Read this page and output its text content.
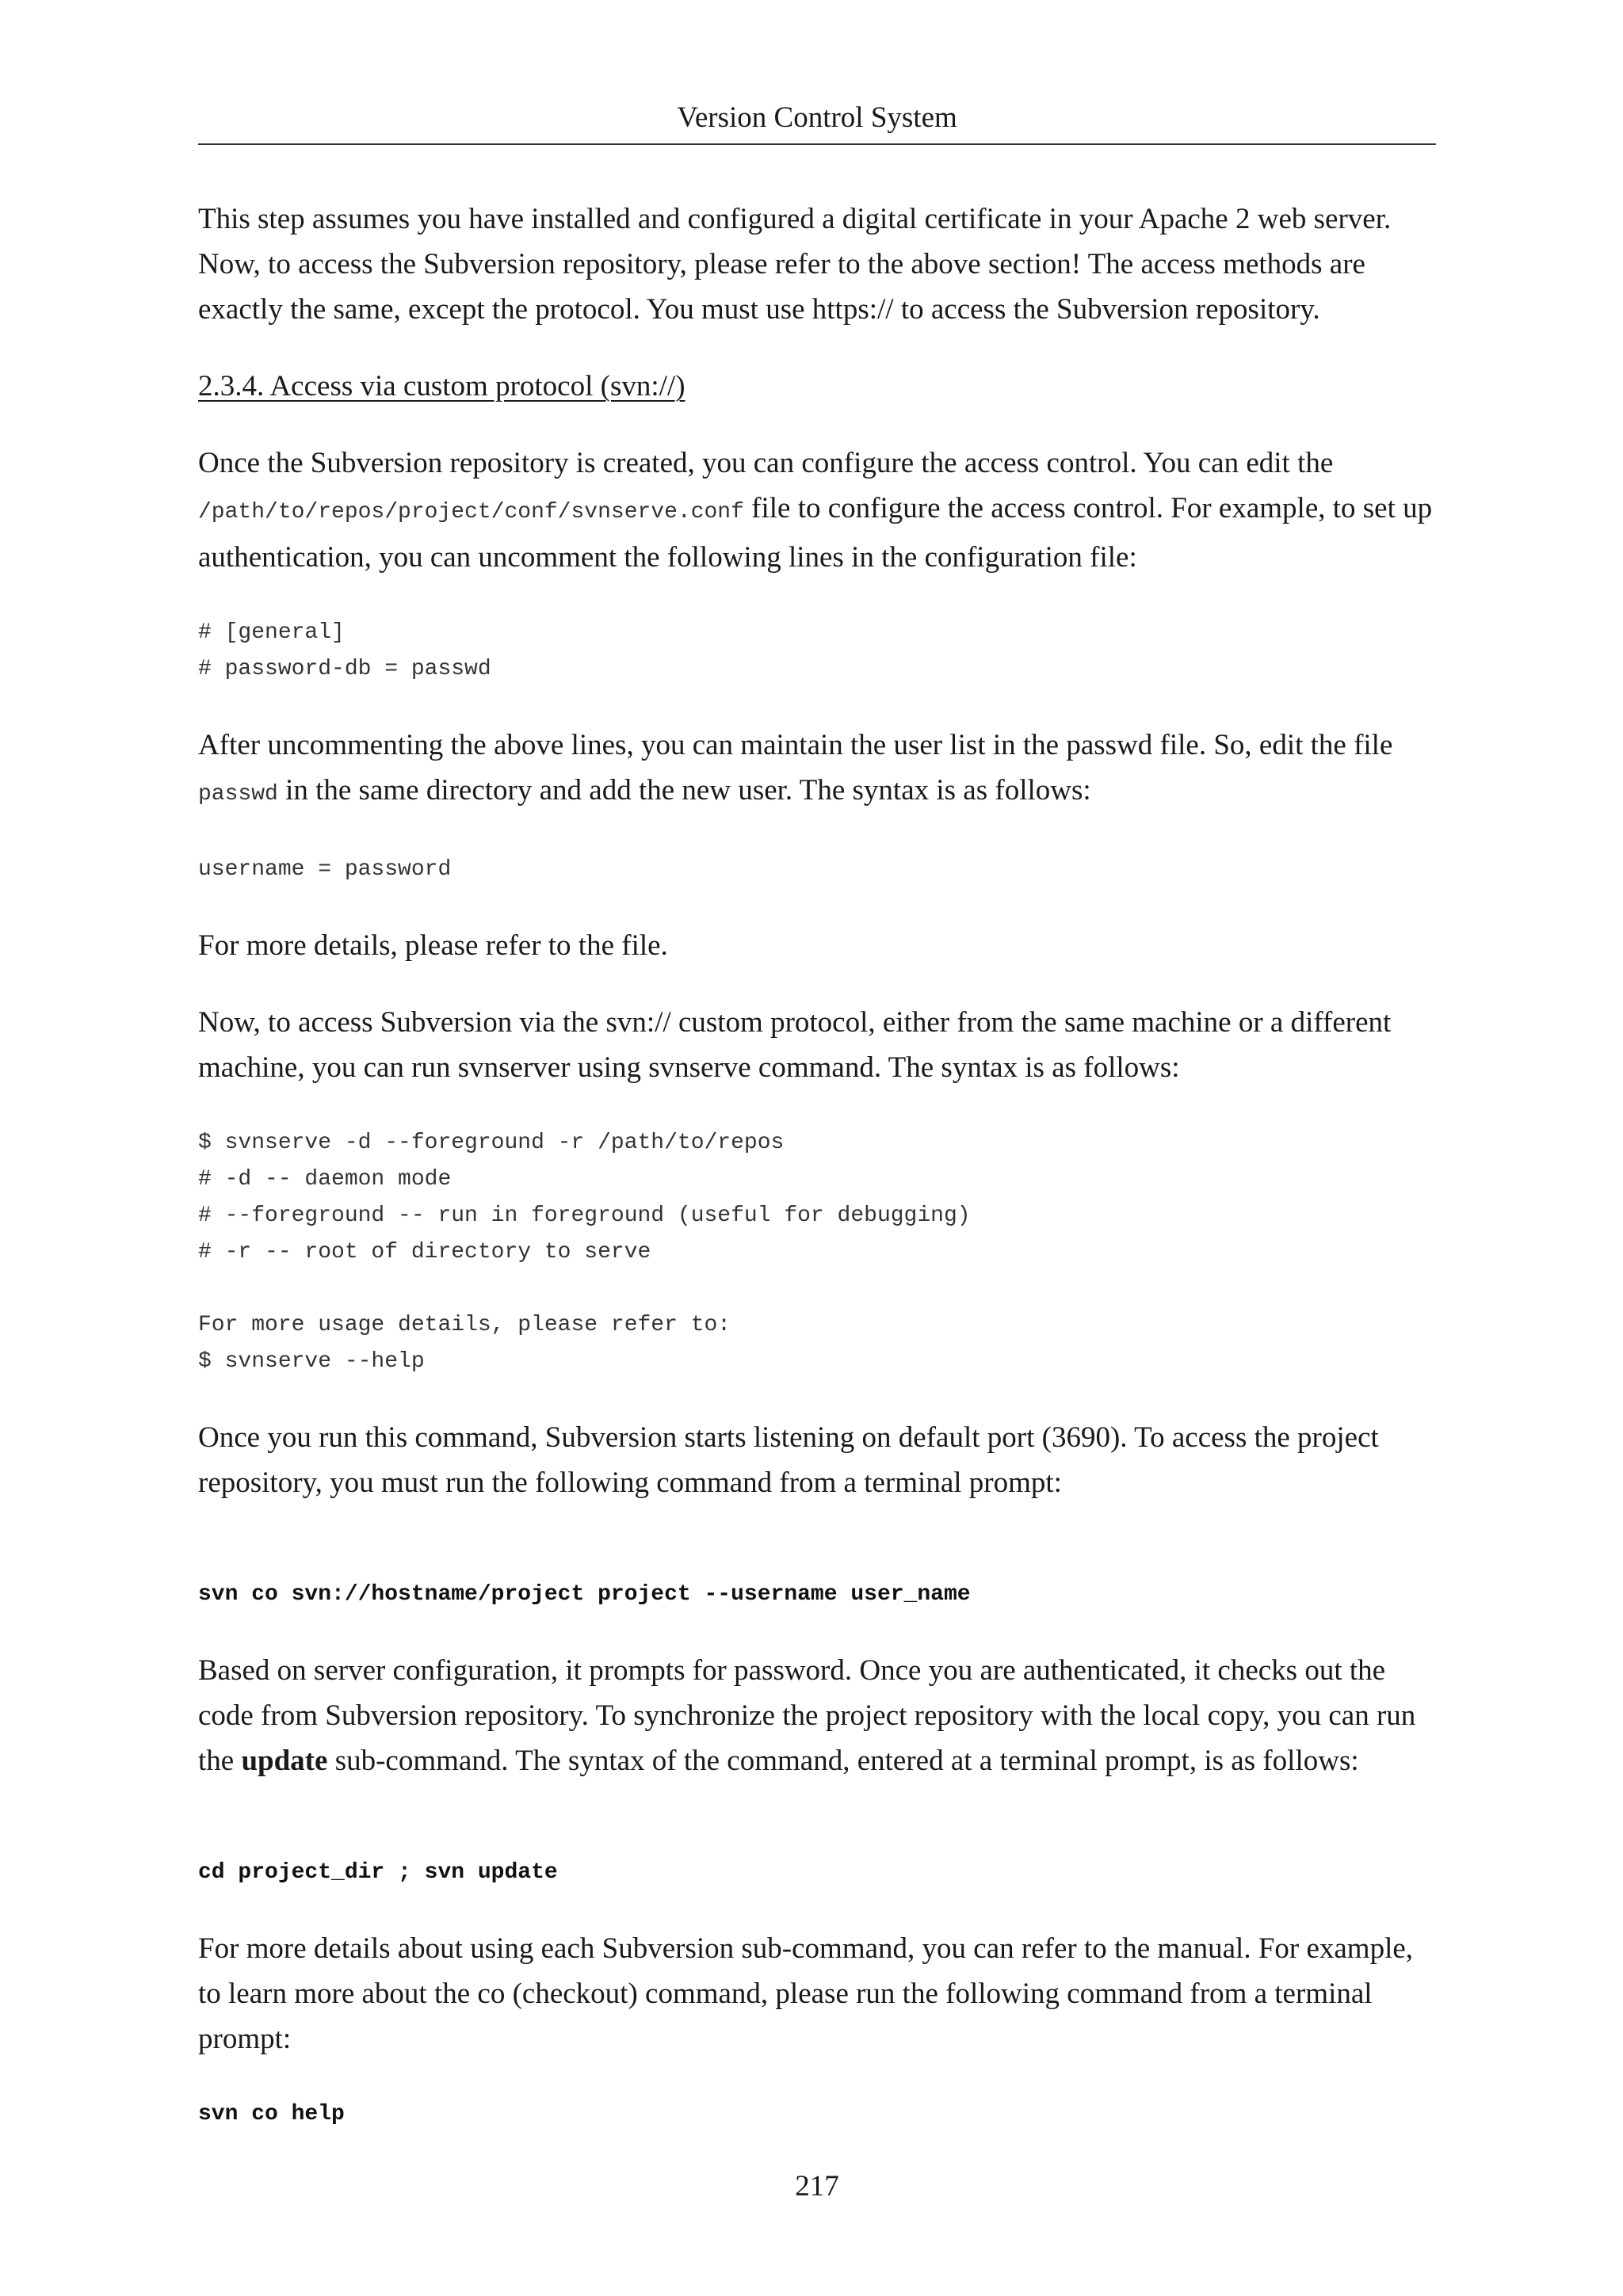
Version Control System

This step assumes you have installed and configured a digital certificate in your Apache 2 web server. Now, to access the Subversion repository, please refer to the above section! The access methods are exactly the same, except the protocol. You must use https:// to access the Subversion repository.

2.3.4. Access via custom protocol (svn://)

Once the Subversion repository is created, you can configure the access control. You can edit the /path/to/repos/project/conf/svnserve.conf file to configure the access control. For example, to set up authentication, you can uncomment the following lines in the configuration file:

# [general]
# password-db = passwd

After uncommenting the above lines, you can maintain the user list in the passwd file. So, edit the file passwd in the same directory and add the new user. The syntax is as follows:

username = password

For more details, please refer to the file.

Now, to access Subversion via the svn:// custom protocol, either from the same machine or a different machine, you can run svnserver using svnserve command. The syntax is as follows:

$ svnserve -d --foreground -r /path/to/repos
# -d -- daemon mode
# --foreground -- run in foreground (useful for debugging)
# -r -- root of directory to serve

For more usage details, please refer to:
$ svnserve --help

Once you run this command, Subversion starts listening on default port (3690). To access the project repository, you must run the following command from a terminal prompt:

svn co svn://hostname/project project --username user_name

Based on server configuration, it prompts for password. Once you are authenticated, it checks out the code from Subversion repository. To synchronize the project repository with the local copy, you can run the update sub-command. The syntax of the command, entered at a terminal prompt, is as follows:

cd project_dir ; svn update

For more details about using each Subversion sub-command, you can refer to the manual. For example, to learn more about the co (checkout) command, please run the following command from a terminal prompt:

svn co help
217
